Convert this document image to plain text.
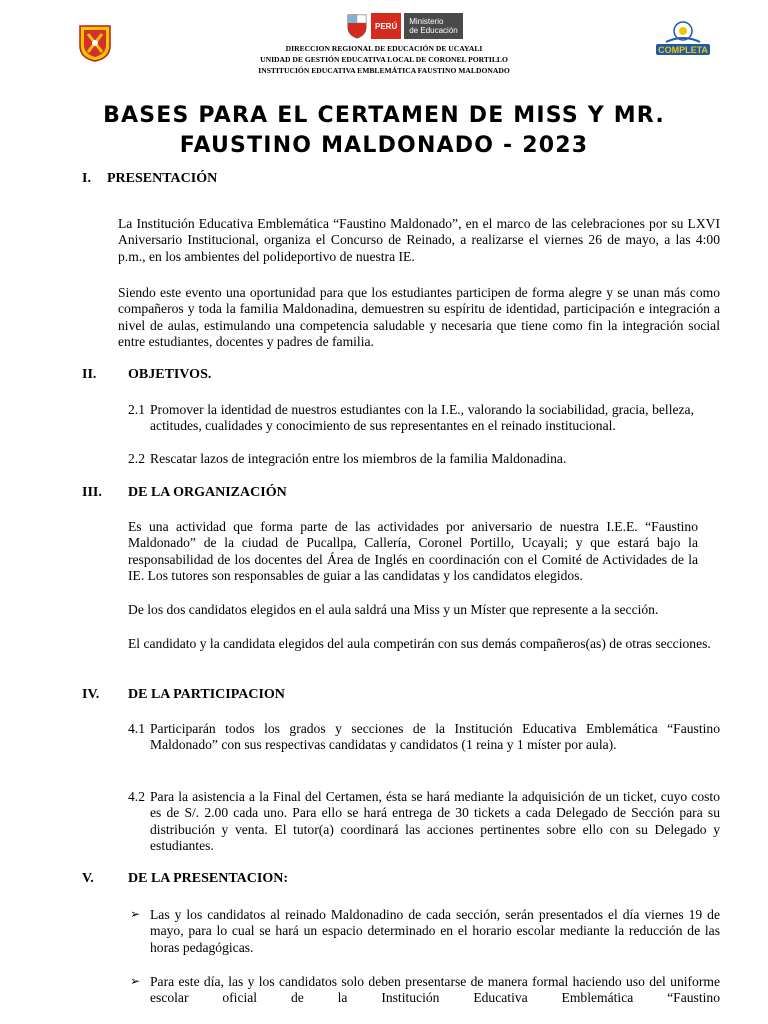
PERÚ	Ministerio
de Educación
COMPLETA
DIRECCION REGIONAL DE EDUCACIÓN DE UCAYALI
UNIDAD DE GESTIÓN EDUCATIVA LOCAL DE CORONEL PORTILLO
INSTITUCIÓN EDUCATIVA EMBLEMÁTICA FAUSTINO MALDONADO
BASES PARA EL CERTAMEN DE MISS Y MR.
FAUSTINO MALDONADO - 2023
I. PRESENTACIÓN
La Institución Educativa Emblemática “Faustino Maldonado”, en el marco de las celebraciones por su LXVI Aniversario Institucional, organiza el Concurso de Reinado, a realizarse el viernes 26 de mayo, a las 4:00 p.m., en los ambientes del polideportivo de nuestra IE.
Siendo este evento una oportunidad para que los estudiantes participen de forma alegre y se unan más como compañeros y toda la familia Maldonadina, demuestren su espíritu de identidad, participación e integración a nivel de aulas, estimulando una competencia saludable y necesaria que tiene como fin la integración social entre estudiantes, docentes y padres de familia.
II. OBJETIVOS.
2.1 Promover la identidad de nuestros estudiantes con la I.E., valorando la sociabilidad, gracia, belleza, actitudes, cualidades y conocimiento de sus representantes en el reinado institucional.
2.2 Rescatar lazos de integración entre los miembros de la familia Maldonadina.
III. DE LA ORGANIZACIÓN
Es una actividad que forma parte de las actividades por aniversario de nuestra I.E.E. “Faustino Maldonado” de la ciudad de Pucallpa, Callería, Coronel Portillo, Ucayali; y que estará bajo la responsabilidad de los docentes del Área de Inglés en coordinación con el Comité de Actividades de la IE. Los tutores son responsables de guiar a las candidatas y los candidatos elegidos.
De los dos candidatos elegidos en el aula saldrá una Miss y un Míster que represente a la sección.
El candidato y la candidata elegidos del aula competirán con sus demás compañeros(as) de otras secciones.
IV. DE LA PARTICIPACION
4.1 Participarán todos los grados y secciones de la Institución Educativa Emblemática “Faustino Maldonado” con sus respectivas candidatas y candidatos (1 reina y 1 míster por aula).
4.2 Para la asistencia a la Final del Certamen, ésta se hará mediante la adquisición de un ticket, cuyo costo es de S/. 2.00 cada uno. Para ello se hará entrega de 30 tickets a cada Delegado de Sección para su distribución y venta. El tutor(a) coordinará las acciones pertinentes sobre ello con su Delegado y estudiantes.
V. DE LA PRESENTACION:
➢ Las y los candidatos al reinado Maldonadino de cada sección, serán presentados el día viernes 19 de mayo, para lo cual se hará un espacio determinado en el horario escolar mediante la reducción de las horas pedagógicas.
➢ Para este día, las y los candidatos solo deben presentarse de manera formal haciendo uso del uniforme escolar oficial de la Institución Educativa Emblemática “Faustino
